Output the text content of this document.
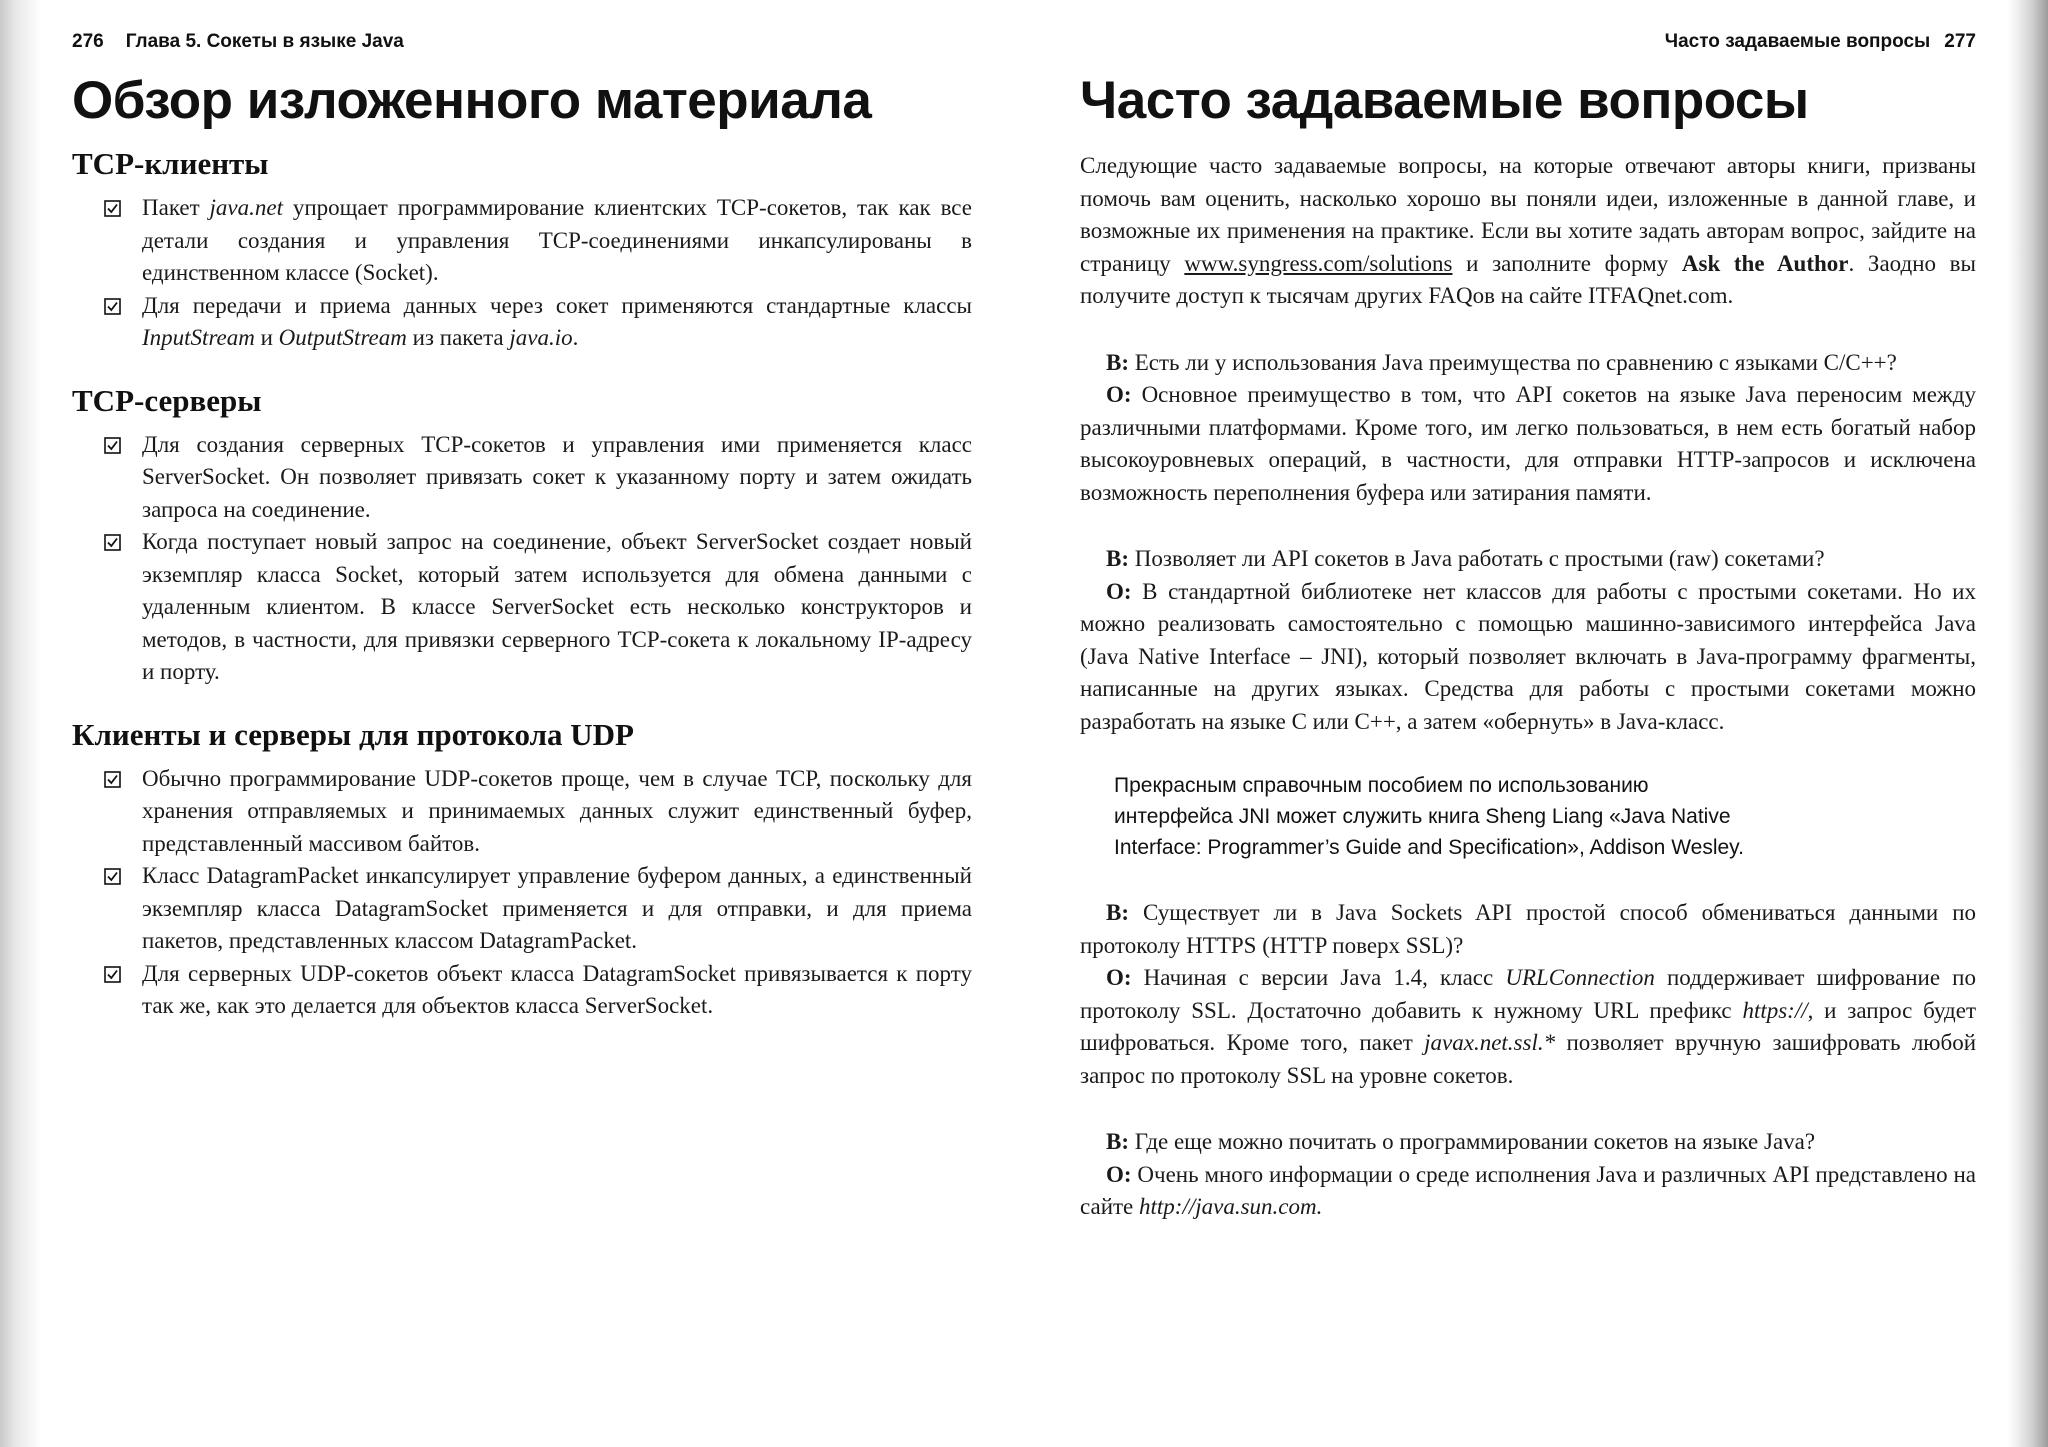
276 Глава 5. Сокеты в языке Java
Обзор изложенного материала
TCP-клиенты
Пакет java.net упрощает программирование клиентских TCP-сокетов, так как все детали создания и управления TCP-соединениями инкапсулированы в единственном классе (Socket).
Для передачи и приема данных через сокет применяются стандартные классы InputStream и OutputStream из пакета java.io.
TCP-серверы
Для создания серверных TCP-сокетов и управления ими применяется класс ServerSocket. Он позволяет привязать сокет к указанному порту и затем ожидать запроса на соединение.
Когда поступает новый запрос на соединение, объект ServerSocket создает новый экземпляр класса Socket, который затем используется для обмена данными с удаленным клиентом. В классе ServerSocket есть несколько конструкторов и методов, в частности, для привязки серверного TCP-сокета к локальному IP-адресу и порту.
Клиенты и серверы для протокола UDP
Обычно программирование UDP-сокетов проще, чем в случае TCP, поскольку для хранения отправляемых и принимаемых данных служит единственный буфер, представленный массивом байтов.
Класс DatagramPacket инкапсулирует управление буфером данных, а единственный экземпляр класса DatagramSocket применяется и для отправки, и для приема пакетов, представленных классом DatagramPacket.
Для серверных UDP-сокетов объект класса DatagramSocket привязывается к порту так же, как это делается для объектов класса ServerSocket.
Часто задаваемые вопросы 277
Часто задаваемые вопросы

Следующие часто задаваемые вопросы, на которые отвечают авторы книги, призваны помочь вам оценить, насколько хорошо вы поняли идеи, изложенные в данной главе, и возможные их применения на практике. Если вы хотите задать авторам вопрос, зайдите на страницу www.syngress.com/solutions и заполните форму Ask the Author. Заодно вы получите доступ к тысячам других FAQов на сайте ITFAQnet.com.

В: Есть ли у использования Java преимущества по сравнению с языками C/C++?

О: Основное преимущество в том, что API сокетов на языке Java переносим между различными платформами. Кроме того, им легко пользоваться, в нем есть богатый набор высокоуровневых операций, в частности, для отправки HTTP-запросов и исключена возможность переполнения буфера или затирания памяти.

В: Позволяет ли API сокетов в Java работать с простыми (raw) сокетами?

О: В стандартной библиотеке нет классов для работы с простыми сокетами. Но их можно реализовать самостоятельно с помощью машинно-зависимого интерфейса Java (Java Native Interface – JNI), который позволяет включать в Java-программу фрагменты, написанные на других языках. Средства для работы с простыми сокетами можно разработать на языке C или C++, а затем «обернуть» в Java-класс.

Прекрасным справочным пособием по использованию интерфейса JNI может служить книга Sheng Liang «Java Native Interface: Programmer’s Guide and Specification», Addison Wesley.

В: Существует ли в Java Sockets API простой способ обмениваться данными по протоколу HTTPS (HTTP поверх SSL)?

О: Начиная с версии Java 1.4, класс URLConnection поддерживает шифрование по протоколу SSL. Достаточно добавить к нужному URL префикс https://, и запрос будет шифроваться. Кроме того, пакет javax.net.ssl.* позволяет вручную зашифровать любой запрос по протоколу SSL на уровне сокетов.

В: Где еще можно почитать о программировании сокетов на языке Java?

О: Очень много информации о среде исполнения Java и различных API представлено на сайте http://java.sun.com.
